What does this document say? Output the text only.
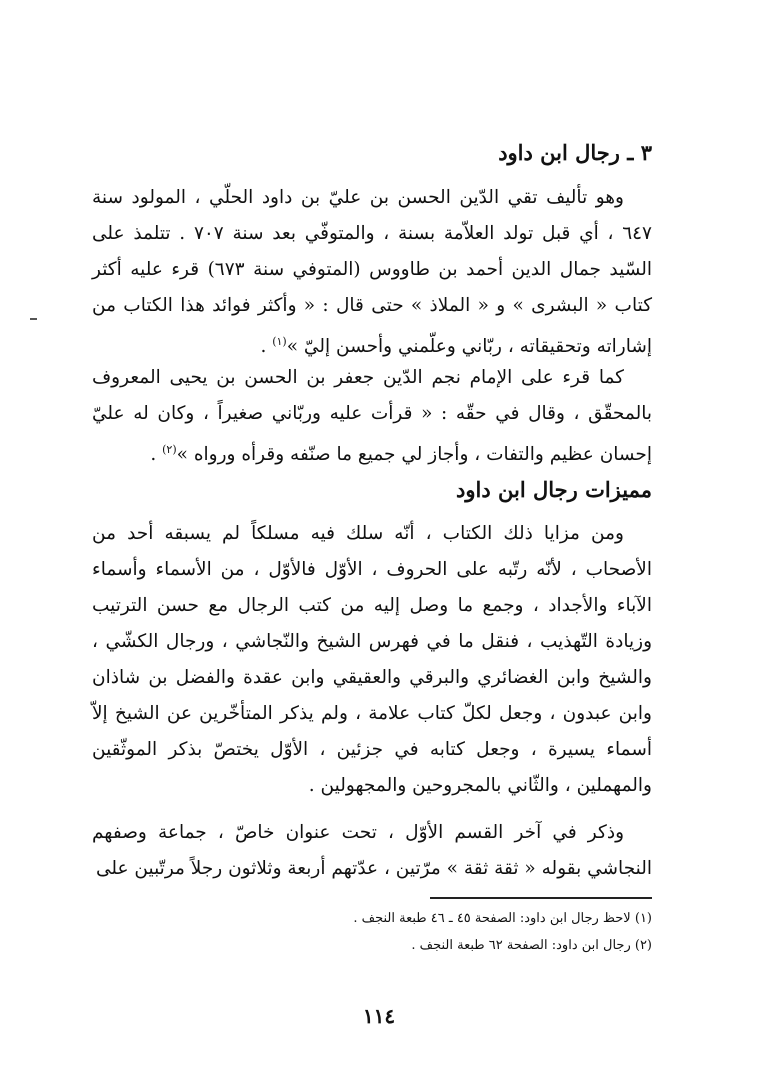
٣ ـ رجال ابن داود

وهو تأليف تقي الدّين الحسن بن عليّ بن داود الحلّي ، المولود سنة ٦٤٧ ، أي قبل تولد العلاّمة بسنة ، والمتوفّي بعد سنة ٧٠٧ . تتلمذ على السّيد جمال الدين أحمد بن طاووس (المتوفي سنة ٦٧٣) قرء عليه أكثر كتاب « البشرى » و « الملاذ » حتى قال : « وأكثر فوائد هذا الكتاب من إشاراته وتحقيقاته ، ربّاني وعلّمني وأحسن إليّ »$^{(١)}$ .

كما قرء على الإمام نجم الدّين جعفر بن الحسن بن يحيى المعروف بالمحقّق ، وقال في حقّه : « قرأت عليه وربّاني صغيراً ، وكان له عليّ إحسان عظيم والتفات ، وأجاز لي جميع ما صنّفه وقرأه ورواه »$^{(٢)}$ .

مميزات رجال ابن داود

ومن مزايا ذلك الكتاب ، أنّه سلك فيه مسلكاً لم يسبقه أحد من الأصحاب ، لأنّه رتّبه على الحروف ، الأوّل فالأوّل ، من الأسماء وأسماء الآباء والأجداد ، وجمع ما وصل إليه من كتب الرجال مع حسن الترتيب وزيادة التّهذيب ، فنقل ما في فهرس الشيخ والنّجاشي ، ورجال الكشّي ، والشيخ وابن الغضائري والبرقي والعقيقي وابن عقدة والفضل بن شاذان وابن عبدون ، وجعل لكلّ كتاب علامة ، ولم يذكر المتأخّرين عن الشيخ إلاّ أسماء يسيرة ، وجعل كتابه في جزئين ، الأوّل يختصّ بذكر الموثّقين والمهملين ، والثّاني بالمجروحين والمجهولين .

وذكر في آخر القسم الأوّل ، تحت عنوان خاصّ ، جماعة وصفهم النجاشي بقوله « ثقة ثقة » مرّتين ، عدّتهم أربعة وثلاثون رجلاً مرتّبين على

(١) لاحظ رجال ابن داود: الصفحة ٤٥ ـ ٤٦ طبعة النجف .
(٢) رجال ابن داود: الصفحة ٦٢ طبعة النجف .
١١٤
